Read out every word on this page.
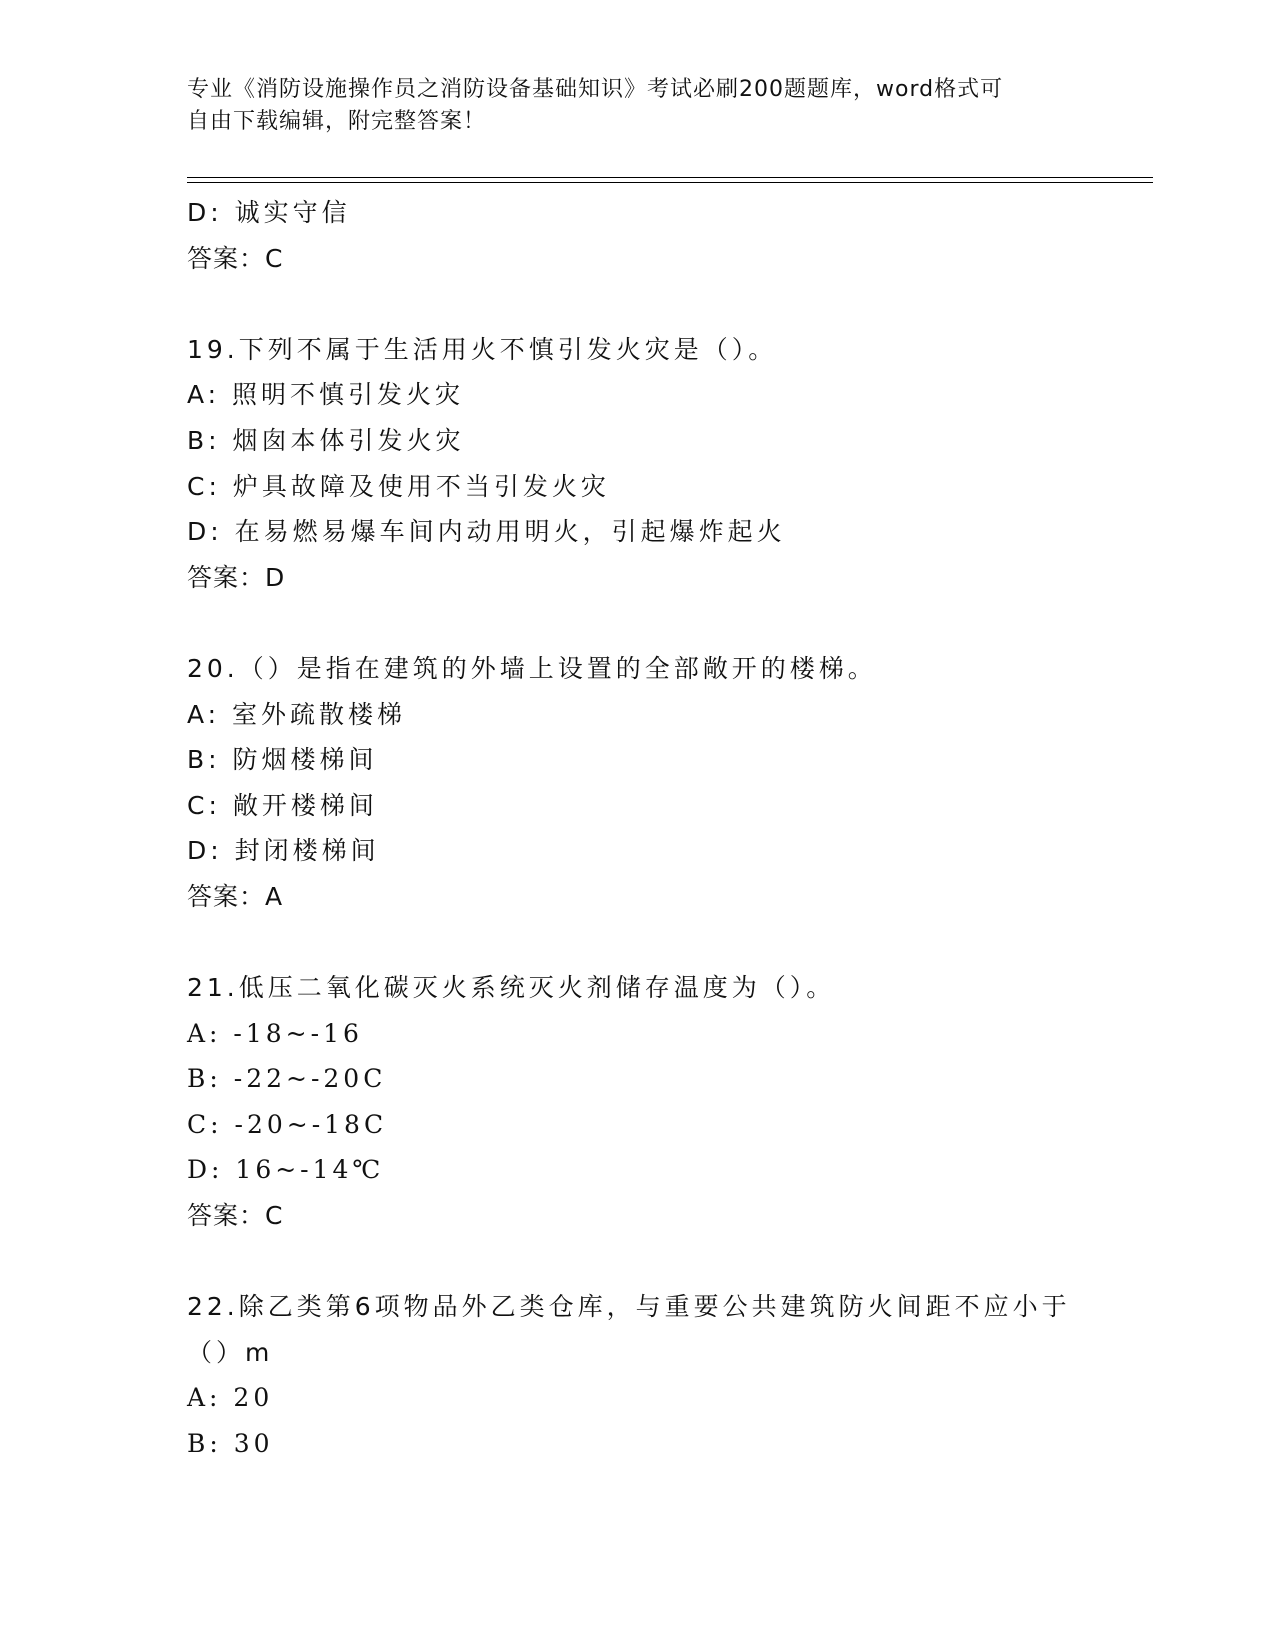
专业《消防设施操作员之消防设备基础知识》考试必刷200题题库，word格式可
自由下载编辑，附完整答案！
D: 诚实守信
答案：C
19.下列不属于生活用火不慎引发火灾是（）。
A: 照明不慎引发火灾
B: 烟囱本体引发火灾
C: 炉具故障及使用不当引发火灾
D: 在易燃易爆车间内动用明火，引起爆炸起火
答案：D
20.（）是指在建筑的外墙上设置的全部敞开的楼梯。
A: 室外疏散楼梯
B: 防烟楼梯间
C: 敞开楼梯间
D: 封闭楼梯间
答案：A
21.低压二氧化碳灭火系统灭火剂储存温度为（）。
A: -18~-16
B: -22~-20C
C: -20~-18C
D: 16~-14℃
答案：C
22.除乙类第6项物品外乙类仓库，与重要公共建筑防火间距不应小于
（）m
A: 20
B: 30
